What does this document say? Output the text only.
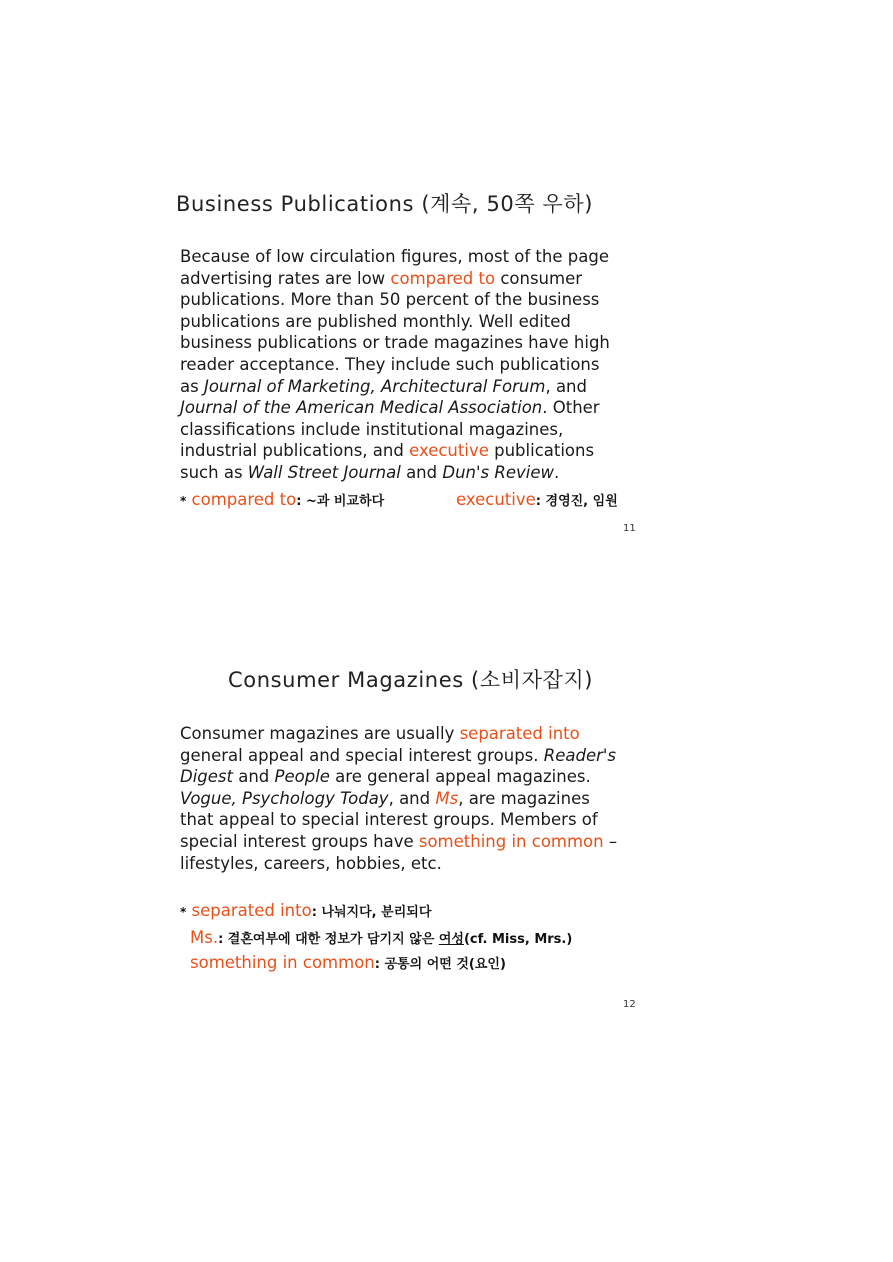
Business Publications (계속, 50쪽 우하)

Because of low circulation figures, most of the page

advertising rates are low compared to consumer

publications. More than 50 percent of the business

publications are published monthly. Well edited

business publications or trade magazines have high

reader acceptance. They include such publications

as Journal of Marketing, Architectural Forum, and

Journal of the American Medical Association. Other

classifications include institutional magazines,

industrial publications, and executive publications

such as Wall Street Journal and Dun's Review.

* compared to: ~과 비교하다	executive: 경영진, 임원
11
Consumer Magazines (소비자잡지)

Consumer magazines are usually separated into

general appeal and special interest groups. Reader's

Digest and People are general appeal magazines.

Vogue, Psychology Today, and Ms, are magazines

that appeal to special interest groups. Members of

special interest groups have something in common –

lifestyles, careers, hobbies, etc.

* separated into: 나눠지다, 분리되다
Ms.: 결혼여부에 대한 정보가 담기지 않은 여성(cf. Miss, Mrs.)
something in common: 공통의 어떤 것(요인)
12
